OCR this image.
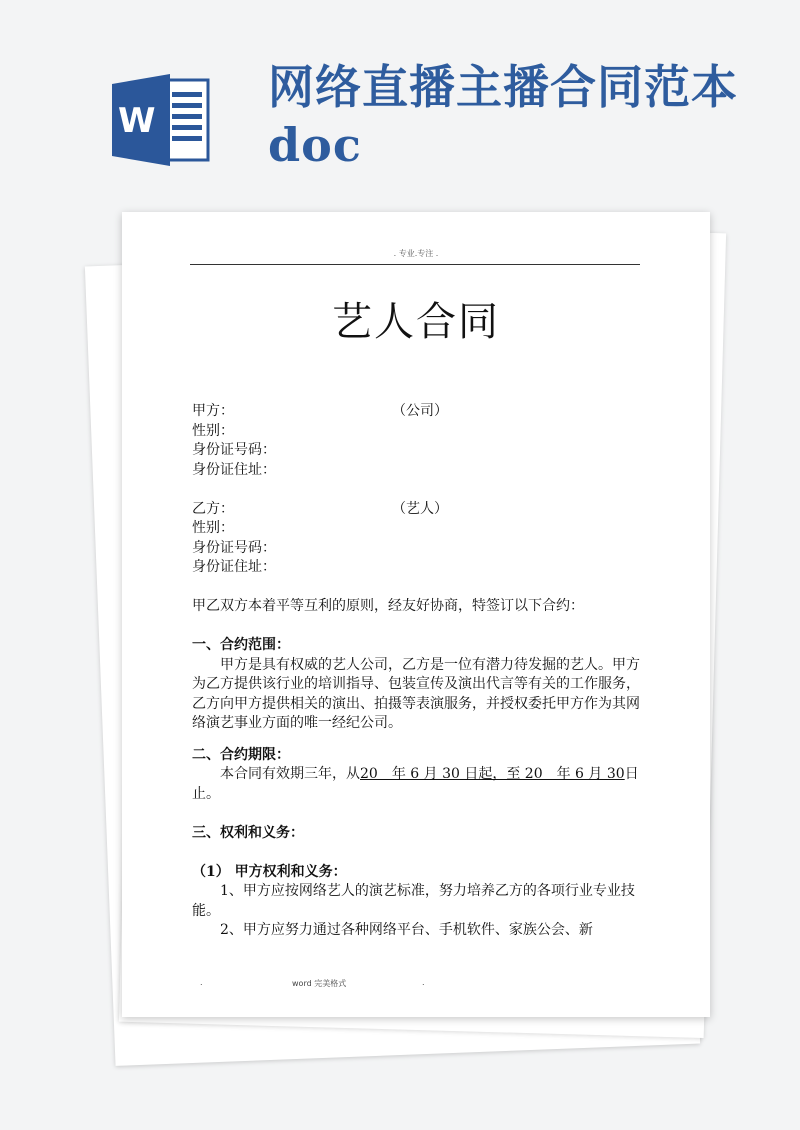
网络直播主播合同范本
doc
W
. 专业.专注 .
艺人合同
甲方：	（公司）
性别：
身份证号码：
身份证住址：
乙方：	（艺人）
性别：
身份证号码：
身份证住址：

甲乙双方本着平等互利的原则，经友好协商，特签订以下合约：

一、合约范围：

甲方是具有权威的艺人公司，乙方是一位有潜力待发掘的艺人。甲方为乙方提供该行业的培训指导、包装宣传及演出代言等有关的工作服务，乙方向甲方提供相关的演出、拍摄等表演服务，并授权委托甲方作为其网络演艺事业方面的唯一经纪公司。

二、合约期限：

本合同有效期三年，从20　年 6 月 30 日起，至 20　年 6 月 30日止。

三、权利和义务：

（1） 甲方权利和义务：

1、甲方应按网络艺人的演艺标准，努力培养乙方的各项行业专业技能。

2、甲方应努力通过各种网络平台、手机软件、家族公会、新

.	word 完美格式	.
